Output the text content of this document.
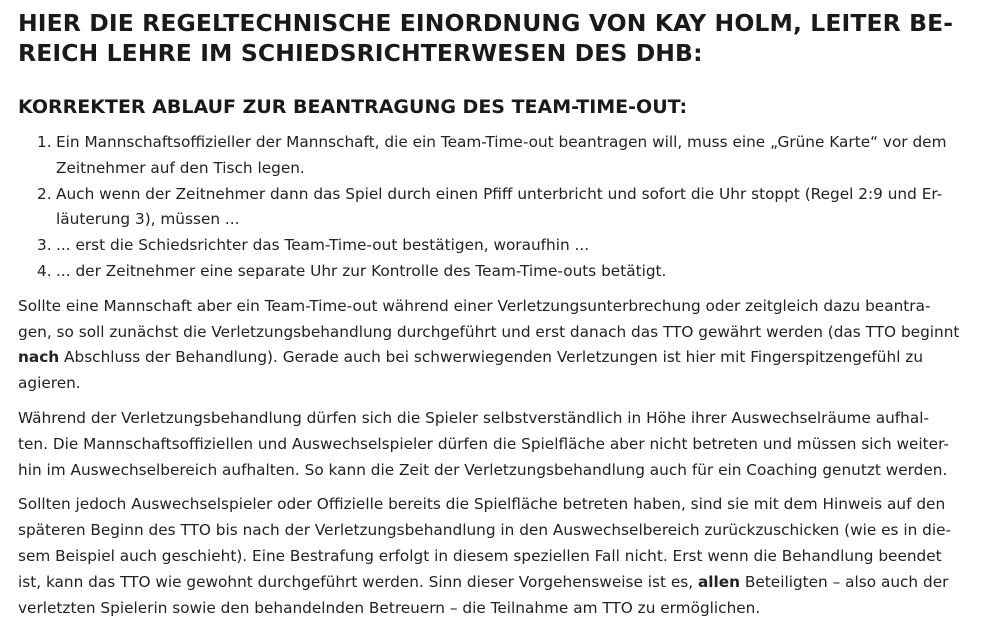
HIER DIE REGELTECHNISCHE EINORDNUNG VON KAY HOLM, LEITER BE-
REICH LEHRE IM SCHIEDSRICHTERWESEN DES DHB:
KORREKTER ABLAUF ZUR BEANTRAGUNG DES TEAM-TIME-OUT:
1. Ein Mannschaftsoffizieller der Mannschaft, die ein Team-Time-out beantragen will, muss eine „Grüne Karte“ vor dem
Zeitnehmer auf den Tisch legen.
2. Auch wenn der Zeitnehmer dann das Spiel durch einen Pfiff unterbricht und sofort die Uhr stoppt (Regel 2:9 und Er-
läuterung 3), müssen ...
3. ... erst die Schiedsrichter das Team-Time-out bestätigen, woraufhin ...
4. ... der Zeitnehmer eine separate Uhr zur Kontrolle des Team-Time-outs betätigt.

Sollte eine Mannschaft aber ein Team-Time-out während einer Verletzungsunterbrechung oder zeitgleich dazu beantra-
gen, so soll zunächst die Verletzungsbehandlung durchgeführt und erst danach das TTO gewährt werden (das TTO beginnt
nach Abschluss der Behandlung). Gerade auch bei schwerwiegenden Verletzungen ist hier mit Fingerspitzengefühl zu
agieren.

Während der Verletzungsbehandlung dürfen sich die Spieler selbstverständlich in Höhe ihrer Auswechselräume aufhal-
ten. Die Mannschaftsoffiziellen und Auswechselspieler dürfen die Spielfläche aber nicht betreten und müssen sich weiter-
hin im Auswechselbereich aufhalten. So kann die Zeit der Verletzungsbehandlung auch für ein Coaching genutzt werden.

Sollten jedoch Auswechselspieler oder Offizielle bereits die Spielfläche betreten haben, sind sie mit dem Hinweis auf den
späteren Beginn des TTO bis nach der Verletzungsbehandlung in den Auswechselbereich zurückzuschicken (wie es in die-
sem Beispiel auch geschieht). Eine Bestrafung erfolgt in diesem speziellen Fall nicht. Erst wenn die Behandlung beendet
ist, kann das TTO wie gewohnt durchgeführt werden. Sinn dieser Vorgehensweise ist es, allen Beteiligten – also auch der
verletzten Spielerin sowie den behandelnden Betreuern – die Teilnahme am TTO zu ermöglichen.
